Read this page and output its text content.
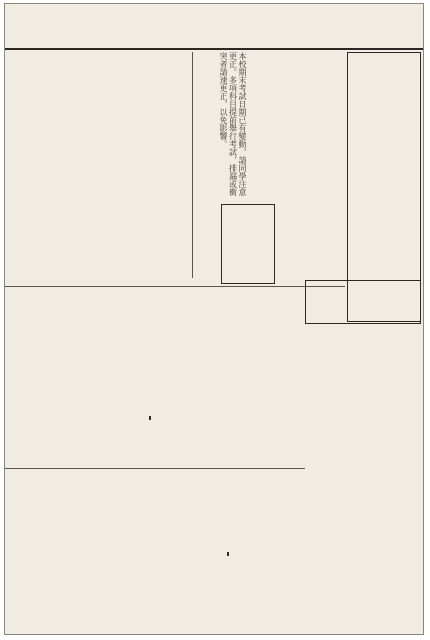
本校期末考試日期已有變動，請同學注意更正。多項科目提前舉行考試，排漏或衝突者請速更正，以免影響。
